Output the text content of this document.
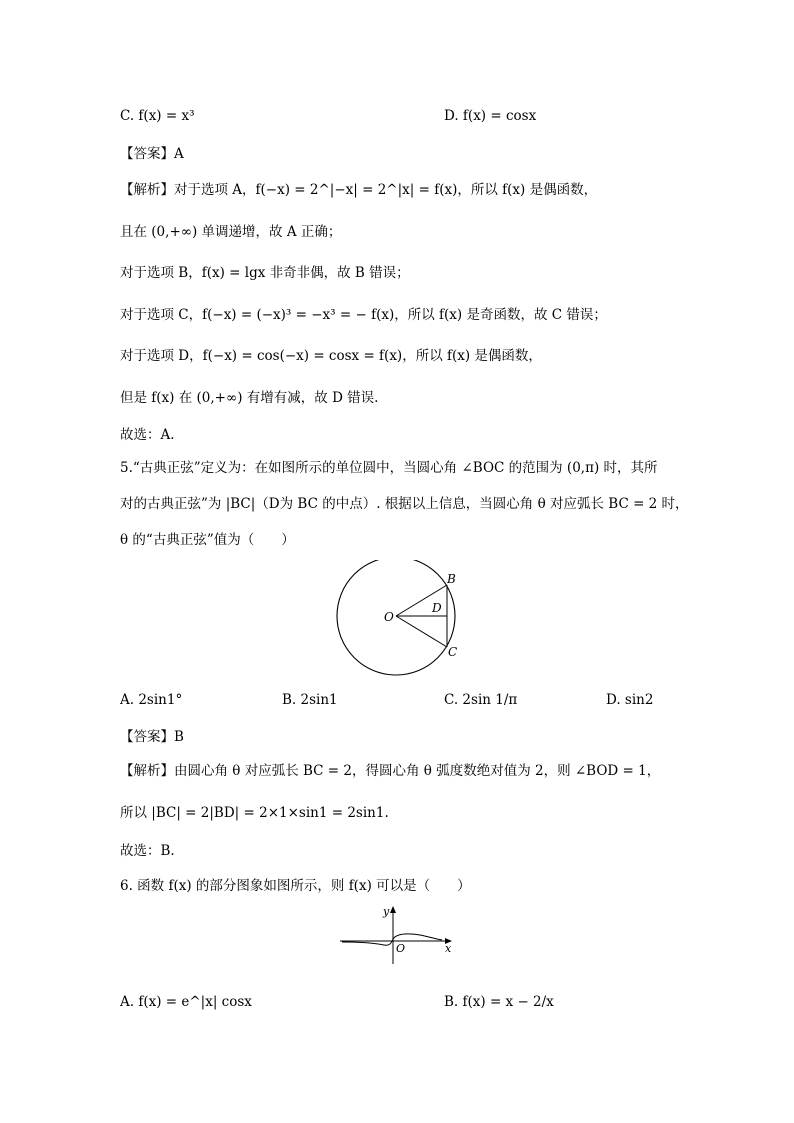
C. f(x) = x³	D. f(x) = cosx
【答案】A
【解析】对于选项 A，f(−x) = 2^|−x| = 2^|x| = f(x)，所以 f(x) 是偶函数，
且在 (0,+∞) 单调递增，故 A 正确；
对于选项 B，f(x) = lgx 非奇非偶，故 B 错误；
对于选项 C，f(−x) = (−x)³ = −x³ = − f(x)，所以 f(x) 是奇函数，故 C 错误；
对于选项 D，f(−x) = cos(−x) = cosx = f(x)，所以 f(x) 是偶函数，
但是 f(x) 在 (0,+∞) 有增有减，故 D 错误.
故选：A.
5.“古典正弦”定义为：在如图所示的单位圆中，当圆心角 ∠BOC 的范围为 (0,π) 时，其所
对的古典正弦”为 |BC|（D为 BC 的中点）. 根据以上信息，当圆心角 θ 对应弧长 BC = 2 时，
θ 的“古典正弦”值为（　　）
O
B
D
C
A. 2sin1°	B. 2sin1	C. 2sin 1/π	D. sin2
【答案】B
【解析】由圆心角 θ 对应弧长 BC = 2，得圆心角 θ 弧度数绝对值为 2，则 ∠BOD = 1，
所以 |BC| = 2|BD| = 2×1×sin1 = 2sin1.
故选：B.
6. 函数 f(x) 的部分图象如图所示，则 f(x) 可以是（　　）
y
O	x
A. f(x) = e^|x| cosx	B. f(x) = x − 2/x
